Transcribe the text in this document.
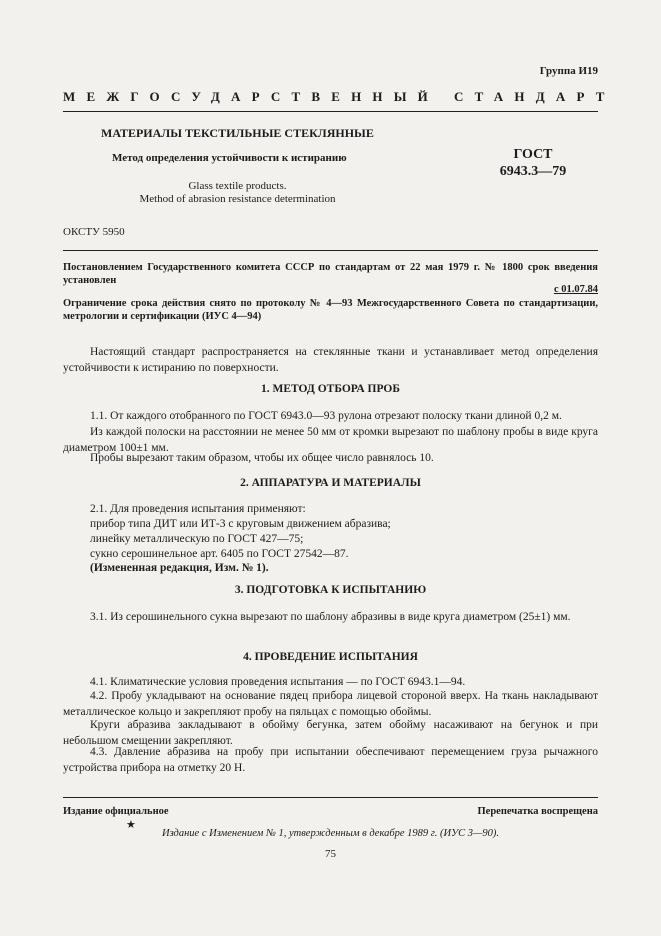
Группа И19
МЕЖГОСУДАРСТВЕННЫЙ СТАНДАРТ
МАТЕРИАЛЫ ТЕКСТИЛЬНЫЕ СТЕКЛЯННЫЕ
Метод определения устойчивости к истиранию	ГОСТ
6943.3—79
Glass textile products.
Method of abrasion resistance determination
ОКСТУ 5950
Постановлением Государственного комитета СССР по стандартам от 22 мая 1979 г. № 1800 срок введения установлен
с 01.07.84
Ограничение срока действия снято по протоколу № 4—93 Межгосударственного Совета по стандартизации, метрологии и сертификации (ИУС 4—94)
Настоящий стандарт распространяется на стеклянные ткани и устанавливает метод определения устойчивости к истиранию по поверхности.
1. МЕТОД ОТБОРА ПРОБ
1.1. От каждого отобранного по ГОСТ 6943.0—93 рулона отрезают полоску ткани длиной 0,2 м.
Из каждой полоски на расстоянии не менее 50 мм от кромки вырезают по шаблону пробы в виде круга диаметром 100±1 мм.
Пробы вырезают таким образом, чтобы их общее число равнялось 10.
2. АППАРАТУРА И МАТЕРИАЛЫ
2.1. Для проведения испытания применяют:
прибор типа ДИТ или ИТ-3 с круговым движением абразива;
линейку металлическую по ГОСТ 427—75;
сукно серошинельное арт. 6405 по ГОСТ 27542—87.
(Измененная редакция, Изм. № 1).
3. ПОДГОТОВКА К ИСПЫТАНИЮ
3.1. Из серошинельного сукна вырезают по шаблону абразивы в виде круга диаметром (25±1) мм.
4. ПРОВЕДЕНИЕ ИСПЫТАНИЯ
4.1. Климатические условия проведения испытания — по ГОСТ 6943.1—94.
4.2. Пробу укладывают на основание пядец прибора лицевой стороной вверх. На ткань накладывают металлическое кольцо и закрепляют пробу на пяльцах с помощью обоймы.
Круги абразива закладывают в обойму бегунка, затем обойму насаживают на бегунок и при небольшом смещении закрепляют.
4.3. Давление абразива на пробу при испытании обеспечивают перемещением груза рычажного устройства прибора на отметку 20 Н.
Издание официальное	Перепечатка воспрещена
★
Издание с Изменением № 1, утвержденным в декабре 1989 г. (ИУС 3—90).
75
